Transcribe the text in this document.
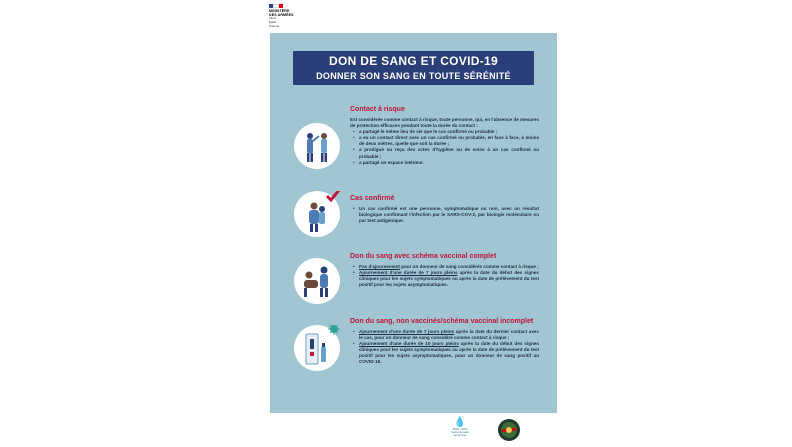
MINISTÈRE
DES ARMÉES
Liberté
Égalité
Fraternité
DON DE SANG ET COVID-19
DONNER SON SANG EN TOUTE SÉRÉNITÉ
Contact à risque
Est considérée comme contact à risque, toute personne, qui, en l'absence de mesures de protection efficaces pendant toute la durée du contact :
• a partagé le même lieu de vie que le cas confirmé ou probable ;
• a eu un contact direct avec un cas confirmé ou probable, en face à face, à moins de deux mètres, quelle que soit la durée ;
• a prodigué ou reçu des actes d'hygiène ou de soins à un cas confirmé ou probable ;
• a partagé un espace intérieur.
Cas confirmé
• Un cas confirmé est une personne, symptomatique ou non, avec un résultat biologique confirmant l'infection par le SARS-COV-2, par biologie moléculaire ou par test antigénique.
Don du sang avec schéma vaccinal complet
• Pas d'ajournement pour un donneur de sang considérés comme contact à risque ;
• Ajournement d'une durée de 7 jours pleins après la date du début des signes cliniques pour les sujets symptomatiques ou après la date de prélèvement du test positif pour les sujets asymptomatiques.
Don du sang, non vaccinés/schéma vaccinal incomplet
• Ajournement d'une durée de 7 jours pleins après la date du dernier contact avec le cas, pour un donneur de sang considéré comme contact à risque ;
• Ajournement d'une durée de 10 jours pleins après la date du début des signes cliniques pour les sujets symptomatiques ou après la date de prélèvement du test positif pour les sujets asymptomatiques, pour un donneur de sang positif au COVID-19.
💧
SANG • SOIN
Service de santé
des armées
